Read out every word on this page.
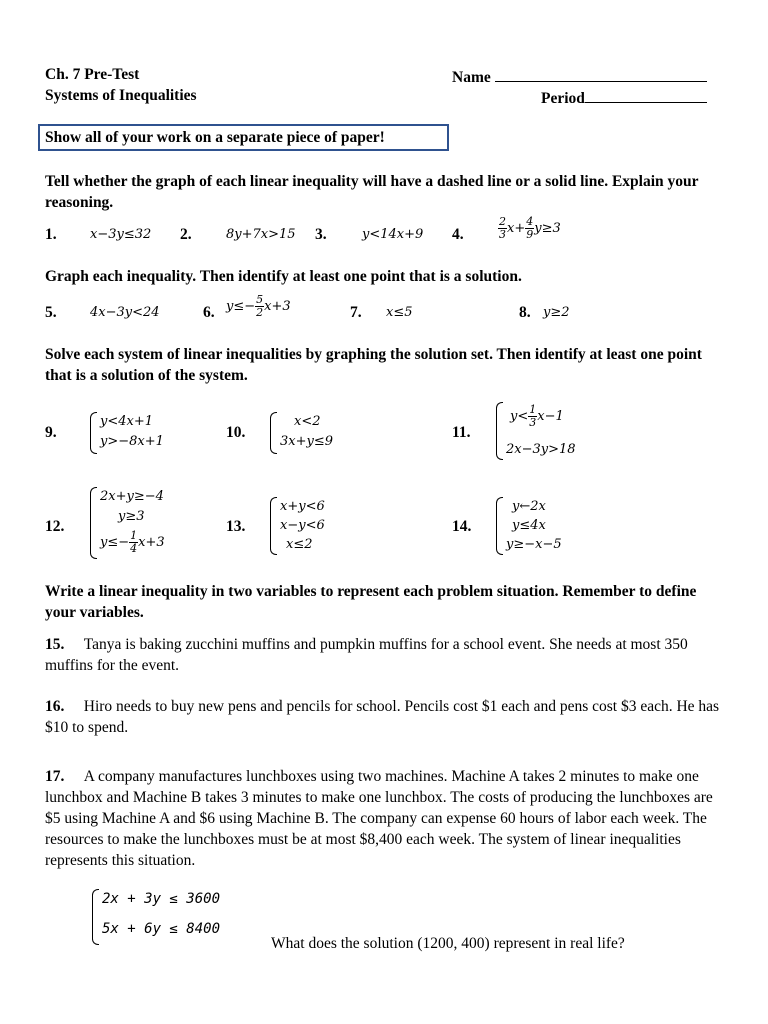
Ch. 7 Pre-Test
Systems of Inequalities
Name
Period
Show all of your work on a separate piece of paper!
Tell whether the graph of each linear inequality will have a dashed line or a solid line. Explain your reasoning.
1.	x−3y≤32 2.	8y+7x>15 3.	y<14x+9 4.	$\frac{2}{3} x+ \frac{4}{9} y\ge 3$
Graph each inequality. Then identify at least one point that is a solution.
5.	4x−3y<24	6. $y\le- \frac{5}{2} x+3$	7. x≤5	8. y≥2
Solve each system of linear inequalities by graphing the solution set. Then identify at least one point that is a solution of the system.
9.
y<4x+1
y>−8x+1
10.
x<2
3x+y≤9
11.
$y< \frac{1}{3} x-1$
2x−3y>18
12.
2x+y≥−4
y≥3
$y\le- \frac{1}{4} x+3$
13.
x+y<6
x−y<6
x≤2
14.
y←2x
y≤4x
y≥−x−5
Write a linear inequality in two variables to represent each problem situation. Remember to define your variables.
15. Tanya is baking zucchini muffins and pumpkin muffins for a school event. She needs at most 350 muffins for the event.
16. Hiro needs to buy new pens and pencils for school. Pencils cost $1 each and pens cost $3 each. He has $10 to spend.
17. A company manufactures lunchboxes using two machines. Machine A takes 2 minutes to make one lunchbox and Machine B takes 3 minutes to make one lunchbox. The costs of producing the lunchboxes are $5 using Machine A and $6 using Machine B. The company can expense 60 hours of labor each week. The resources to make the lunchboxes must be at most $8,400 each week. The system of linear inequalities represents this situation.
2x + 3y ≤ 3600
5x + 6y ≤ 8400
What does the solution (1200, 400) represent in real life?
